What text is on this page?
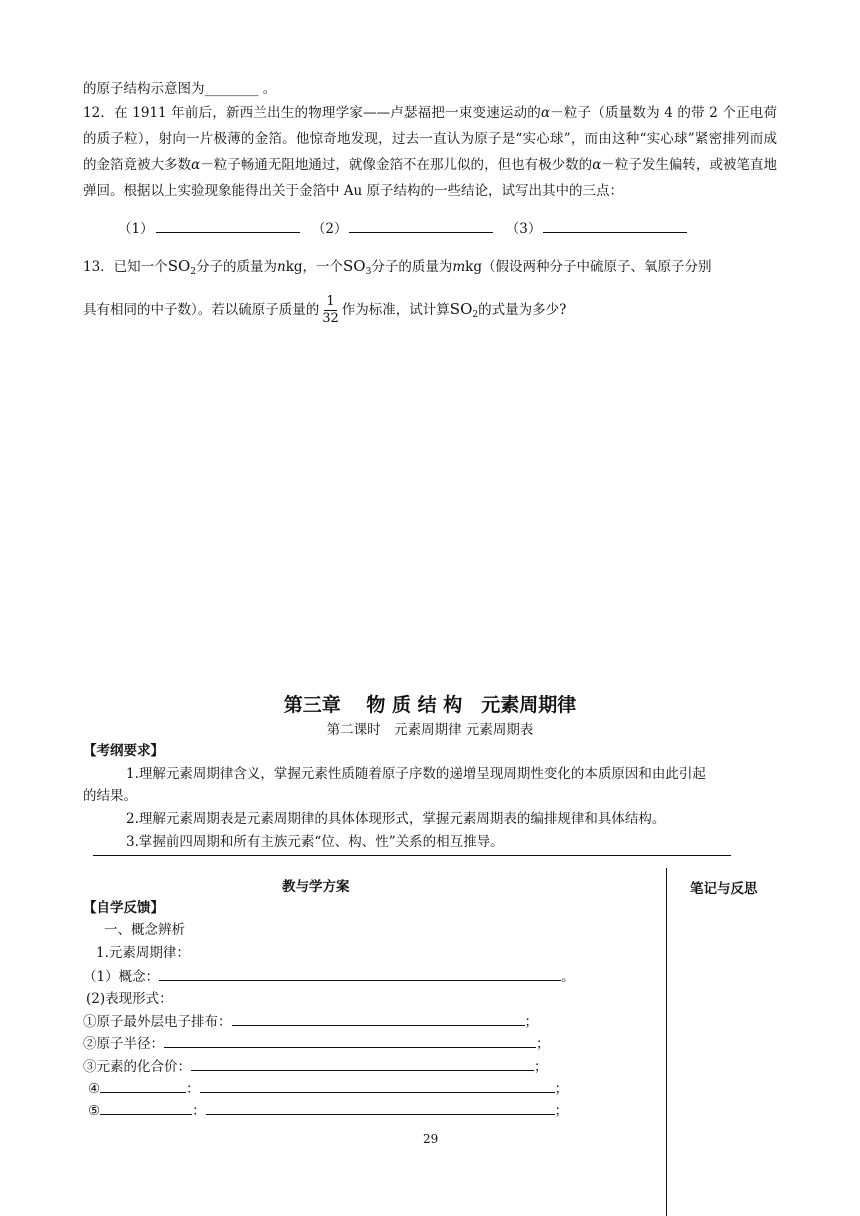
的原子结构示意图为________ 。
12．在 1911 年前后，新西兰出生的物理学家——卢瑟福把一束变速运动的α－粒子（质量数为 4 的带 2 个正电荷的质子粒），射向一片极薄的金箔。他惊奇地发现，过去一直认为原子是“实心球”，而由这种“实心球”紧密排列而成的金箔竟被大多数α－粒子畅通无阻地通过，就像金箔不在那儿似的，但也有极少数的α－粒子发生偏转，或被笔直地弹回。根据以上实验现象能得出关于金箔中 Au 原子结构的一些结论，试写出其中的三点：
（1）	（2）	（3）
13．已知一个$SO_2$分子的质量为nkg，一个$SO_3$分子的质量为mkg（假设两种分子中硫原子、氧原子分别
具有相同的中子数）。若以硫原子质量的 $\frac{1}{32}$ 作为标准，试计算$SO_2$的式量为多少?
第三章　 物 质 结 构　元素周期律
第二课时　元素周期律 元素周期表
【考纲要求】
1.理解元素周期律含义，掌握元素性质随着原子序数的递增呈现周期性变化的本质原因和由此引起
的结果。
2.理解元素周期表是元素周期律的具体体现形式，掌握元素周期表的编排规律和具体结构。
3.掌握前四周期和所有主族元素“位、构、性”关系的相互推导。
教与学方案	笔记与反思
【自学反馈】
一、概念辨析
1.元素周期律：
（1）概念：	。
(2)表现形式：
①原子最外层电子排布：	；
②原子半径：	；
③元素的化合价：	；
④	：	；
⑤	：	；
29
